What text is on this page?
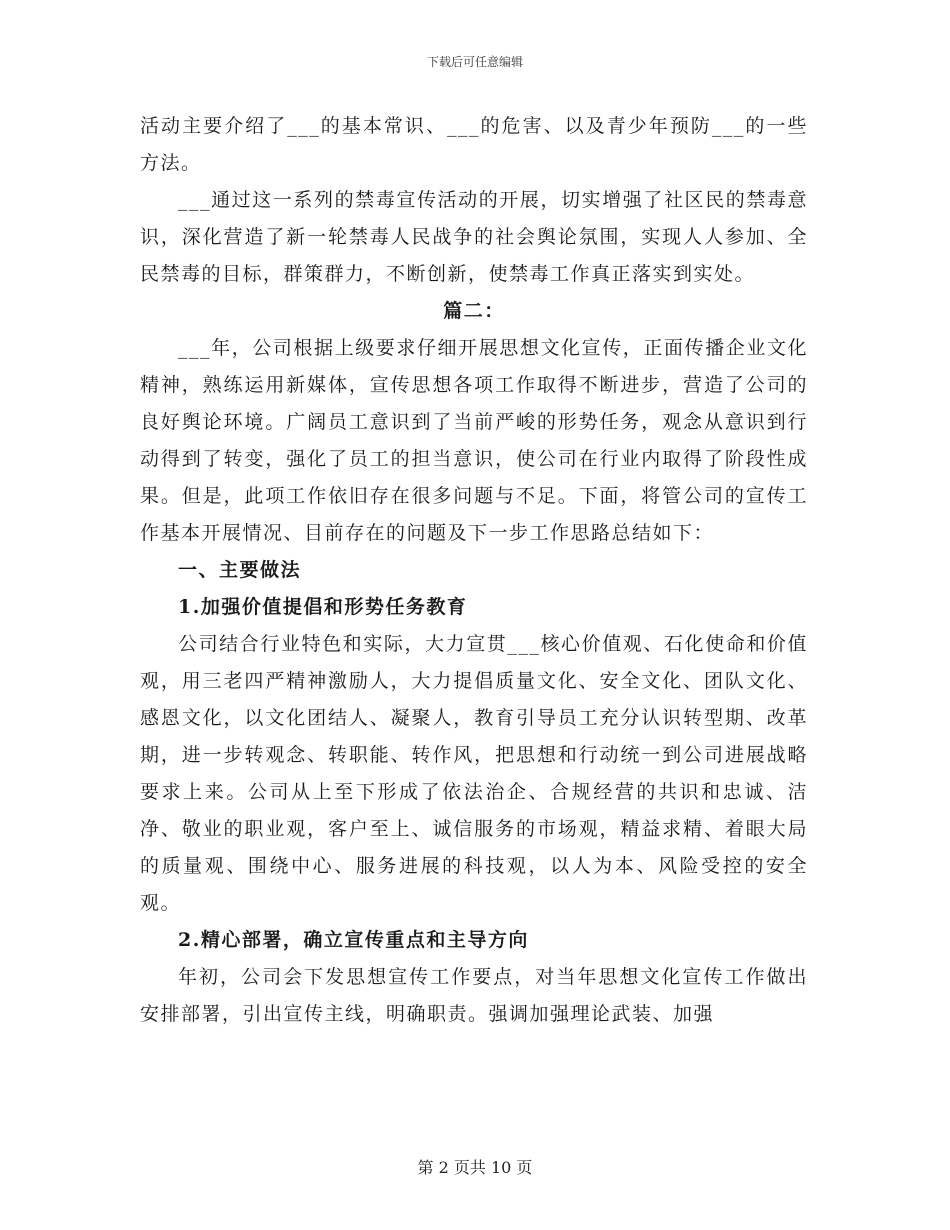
下载后可任意编辑

活动主要介绍了___的基本常识、___的危害、以及青少年预防___的一些方法。

___通过这一系列的禁毒宣传活动的开展，切实增强了社区民的禁毒意识，深化营造了新一轮禁毒人民战争的社会舆论氛围，实现人人参加、全民禁毒的目标，群策群力，不断创新，使禁毒工作真正落实到实处。

篇二：

___年，公司根据上级要求仔细开展思想文化宣传，正面传播企业文化精神，熟练运用新媒体，宣传思想各项工作取得不断进步，营造了公司的良好舆论环境。广阔员工意识到了当前严峻的形势任务，观念从意识到行动得到了转变，强化了员工的担当意识，使公司在行业内取得了阶段性成果。但是，此项工作依旧存在很多问题与不足。下面，将管公司的宣传工作基本开展情况、目前存在的问题及下一步工作思路总结如下：

一、主要做法

1.加强价值提倡和形势任务教育

公司结合行业特色和实际，大力宣贯___核心价值观、石化使命和价值观，用三老四严精神激励人，大力提倡质量文化、安全文化、团队文化、感恩文化，以文化团结人、凝聚人，教育引导员工充分认识转型期、改革期，进一步转观念、转职能、转作风，把思想和行动统一到公司进展战略要求上来。公司从上至下形成了依法治企、合规经营的共识和忠诚、洁净、敬业的职业观，客户至上、诚信服务的市场观，精益求精、着眼大局的质量观、围绕中心、服务进展的科技观，以人为本、风险受控的安全观。

2.精心部署，确立宣传重点和主导方向

年初，公司会下发思想宣传工作要点，对当年思想文化宣传工作做出安排部署，引出宣传主线，明确职责。强调加强理论武装、加强

第 2 页共 10 页
